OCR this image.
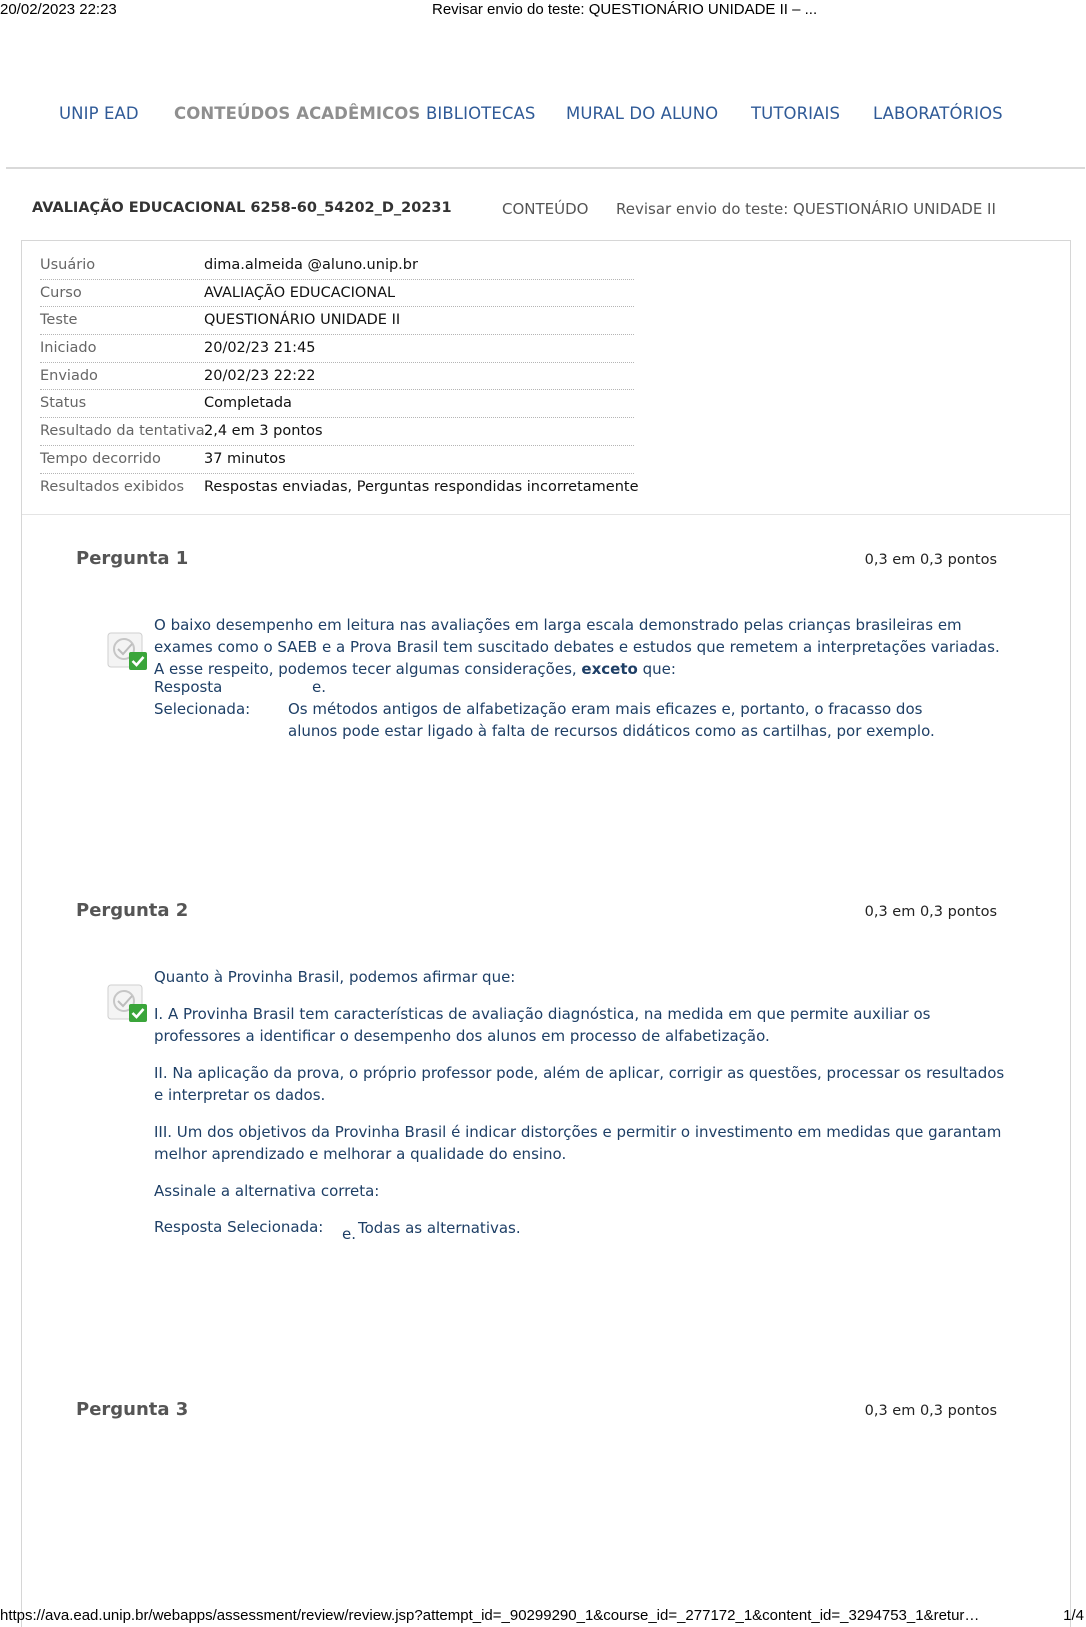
20/02/2023 22:23	Revisar envio do teste: QUESTIONÁRIO UNIDADE II – ...
UNIP EAD CONTEÚDOS ACADÊMICOS BIBLIOTECAS MURAL DO ALUNO TUTORIAIS LABORATÓRIOS
AVALIAÇÃO EDUCACIONAL 6258-60_54202_D_20231	CONTEÚDO Revisar envio do teste: QUESTIONÁRIO UNIDADE II
Usuário	dima.almeida @aluno.unip.br
Curso	AVALIAÇÃO EDUCACIONAL
Teste	QUESTIONÁRIO UNIDADE II
Iniciado	20/02/23 21:45
Enviado	20/02/23 22:22
Status	Completada
Resultado da tentativa 2,4 em 3 pontos
Tempo decorrido	37 minutos
Resultados exibidos Respostas enviadas, Perguntas respondidas incorretamente
Pergunta 1	0,3 em 0,3 pontos
O baixo desempenho em leitura nas avaliações em larga escala demonstrado pelas crianças brasileiras em exames como o SAEB e a Prova Brasil tem suscitado debates e estudos que remetem a interpretações variadas. A esse respeito, podemos tecer algumas considerações, exceto que:
Resposta
Selecionada:
e.
Os métodos antigos de alfabetização eram mais eficazes e, portanto, o fracasso dos alunos pode estar ligado à falta de recursos didáticos como as cartilhas, por exemplo.
Pergunta 2	0,3 em 0,3 pontos

Quanto à Provinha Brasil, podemos afirmar que:

I. A Provinha Brasil tem características de avaliação diagnóstica, na medida em que permite auxiliar os professores a identificar o desempenho dos alunos em processo de alfabetização.

II. Na aplicação da prova, o próprio professor pode, além de aplicar, corrigir as questões, processar os resultados e interpretar os dados.

III. Um dos objetivos da Provinha Brasil é indicar distorções e permitir o investimento em medidas que garantam melhor aprendizado e melhorar a qualidade do ensino.

Assinale a alternativa correta:

Resposta Selecionada: e. Todas as alternativas.
Pergunta 3	0,3 em 0,3 pontos
https://ava.ead.unip.br/webapps/assessment/review/review.jsp?attempt_id=_90299290_1&course_id=_277172_1&content_id=_3294753_1&retur…	1/4
